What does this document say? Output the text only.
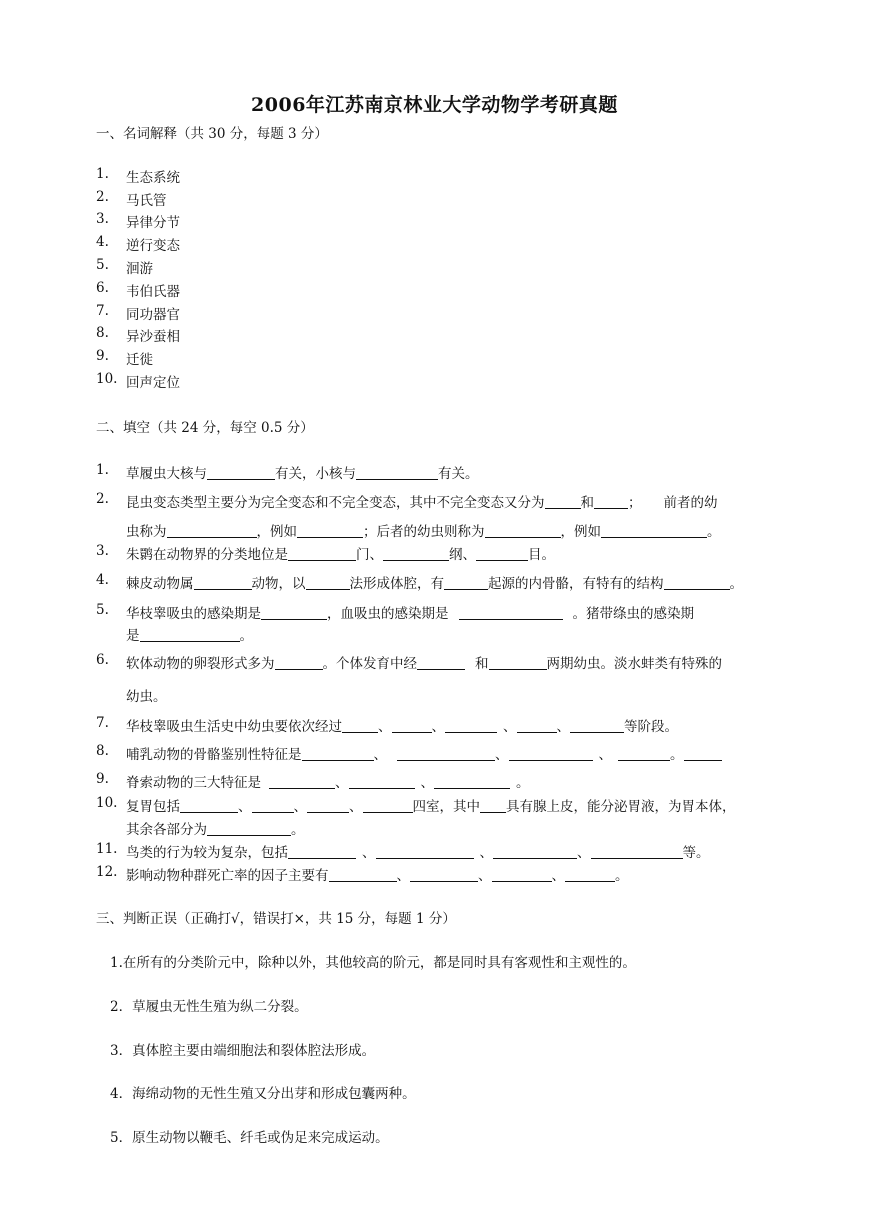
2006年江苏南京林业大学动物学考研真题
一、名词解释（共 30 分，每题 3 分）
1.	生态系统
2.	马氏管
3.	异律分节
4.	逆行变态
5.	洄游
6.	韦伯氏器
7.	同功器官
8.	异沙蚕相
9.	迁徙
10. 回声定位
二、填空（共 24 分，每空 0.5 分）
1.	草履虫大核与	有关，小核与	有关。
2.	昆虫变态类型主要分为完全变态和不完全变态，其中不完全变态又分为	和	； 前者的幼
虫称为	，例如	；后者的幼虫则称为	，例如	。
3.	朱鹮在动物界的分类地位是	门、	纲、	目。
4.	棘皮动物属	动物，以	法形成体腔，有	起源的内骨骼，有特有的结构	。
5.	华枝睾吸虫的感染期是	，血吸虫的感染期是	。猪带绦虫的感染期
是	。
6.	软体动物的卵裂形式多为	。个体发育中经	和	两期幼虫。淡水蚌类有特殊的
幼虫。
7.	华枝睾吸虫生活史中幼虫要依次经过	、	、	、	、	等阶段。
8.	哺乳动物的骨骼鉴别性特征是	、	、	、	。
9.	脊索动物的三大特征是	、	、	。
10. 复胃包括	、	、	、	四室，其中 具有腺上皮，能分泌胃液，为胃本体，
其余各部分为	。
11. 鸟类的行为较为复杂，包括	、	、	、	等。
12. 影响动物种群死亡率的因子主要有	、	、	、	。
三、判断正误（正确打√，错误打×，共 15 分，每题 1 分）
1.在所有的分类阶元中，除种以外，其他较高的阶元，都是同时具有客观性和主观性的。
2．草履虫无性生殖为纵二分裂。
3．真体腔主要由端细胞法和裂体腔法形成。
4．海绵动物的无性生殖又分出芽和形成包囊两种。
5．原生动物以鞭毛、纤毛或伪足来完成运动。
